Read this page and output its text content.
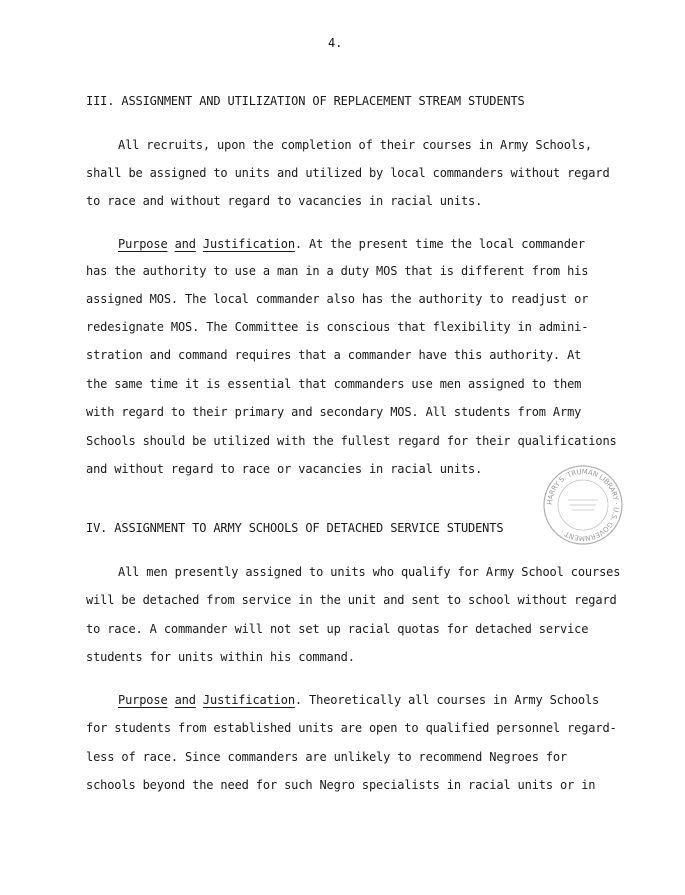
4.
III. ASSIGNMENT AND UTILIZATION OF REPLACEMENT STREAM STUDENTS
All recruits, upon the completion of their courses in Army Schools,
shall be assigned to units and utilized by local commanders without regard
to race and without regard to vacancies in racial units.
Purpose and Justification. At the present time the local commander
has the authority to use a man in a duty MOS that is different from his
assigned MOS. The local commander also has the authority to readjust or
redesignate MOS. The Committee is conscious that flexibility in admini-
stration and command requires that a commander have this authority. At
the same time it is essential that commanders use men assigned to them
with regard to their primary and secondary MOS. All students from Army
Schools should be utilized with the fullest regard for their qualifications
and without regard to race or vacancies in racial units.
IV. ASSIGNMENT TO ARMY SCHOOLS OF DETACHED SERVICE STUDENTS
All men presently assigned to units who qualify for Army School courses
will be detached from service in the unit and sent to school without regard
to race. A commander will not set up racial quotas for detached service
students for units within his command.
Purpose and Justification. Theoretically all courses in Army Schools
for students from established units are open to qualified personnel regard-
less of race. Since commanders are unlikely to recommend Negroes for
schools beyond the need for such Negro specialists in racial units or in
HARRY S. TRUMAN LIBRARY · U.S. GOVERNMENT ·
